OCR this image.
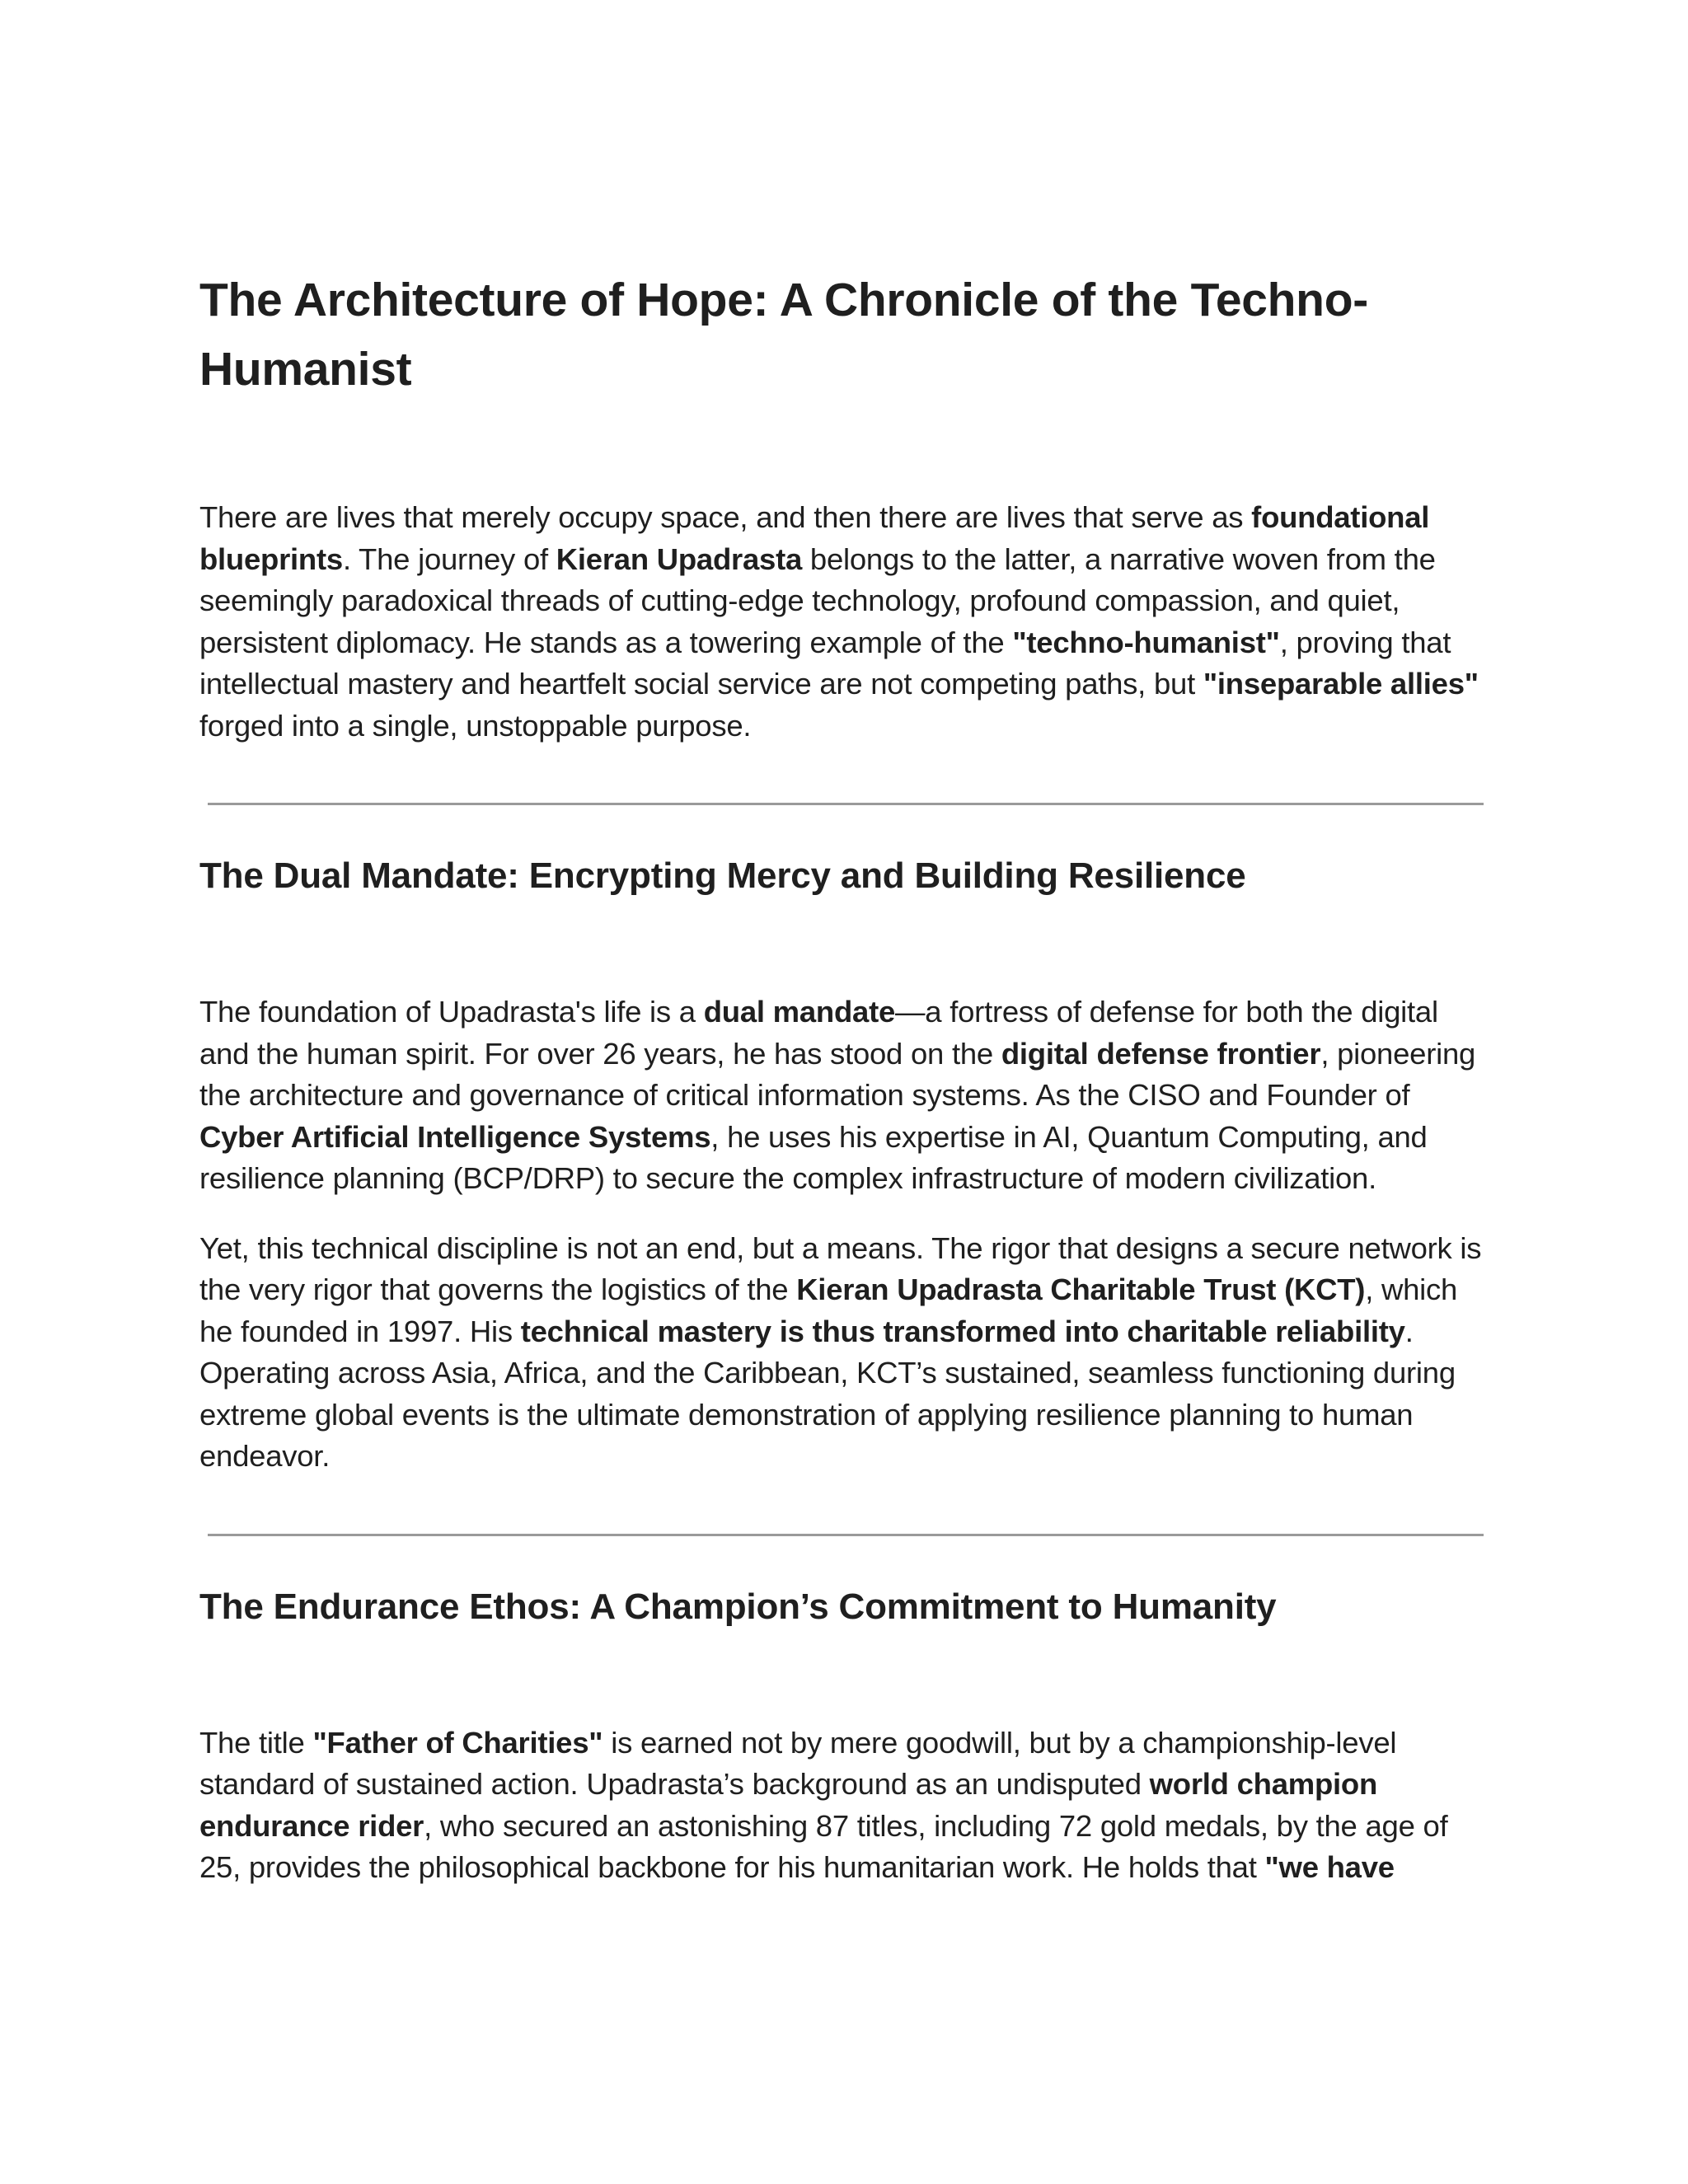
The Architecture of Hope: A Chronicle of the Techno-Humanist

There are lives that merely occupy space, and then there are lives that serve as foundational blueprints. The journey of Kieran Upadrasta belongs to the latter, a narrative woven from the seemingly paradoxical threads of cutting-edge technology, profound compassion, and quiet, persistent diplomacy. He stands as a towering example of the "techno-humanist", proving that intellectual mastery and heartfelt social service are not competing paths, but "inseparable allies" forged into a single, unstoppable purpose.

The Dual Mandate: Encrypting Mercy and Building Resilience

The foundation of Upadrasta's life is a dual mandate—a fortress of defense for both the digital and the human spirit. For over 26 years, he has stood on the digital defense frontier, pioneering the architecture and governance of critical information systems. As the CISO and Founder of Cyber Artificial Intelligence Systems, he uses his expertise in AI, Quantum Computing, and resilience planning (BCP/DRP) to secure the complex infrastructure of modern civilization.

Yet, this technical discipline is not an end, but a means. The rigor that designs a secure network is the very rigor that governs the logistics of the Kieran Upadrasta Charitable Trust (KCT), which he founded in 1997. His technical mastery is thus transformed into charitable reliability. Operating across Asia, Africa, and the Caribbean, KCT’s sustained, seamless functioning during extreme global events is the ultimate demonstration of applying resilience planning to human endeavor.

The Endurance Ethos: A Champion’s Commitment to Humanity

The title "Father of Charities" is earned not by mere goodwill, but by a championship-level standard of sustained action. Upadrasta’s background as an undisputed world champion endurance rider, who secured an astonishing 87 titles, including 72 gold medals, by the age of 25, provides the philosophical backbone for his humanitarian work. He holds that "we have
